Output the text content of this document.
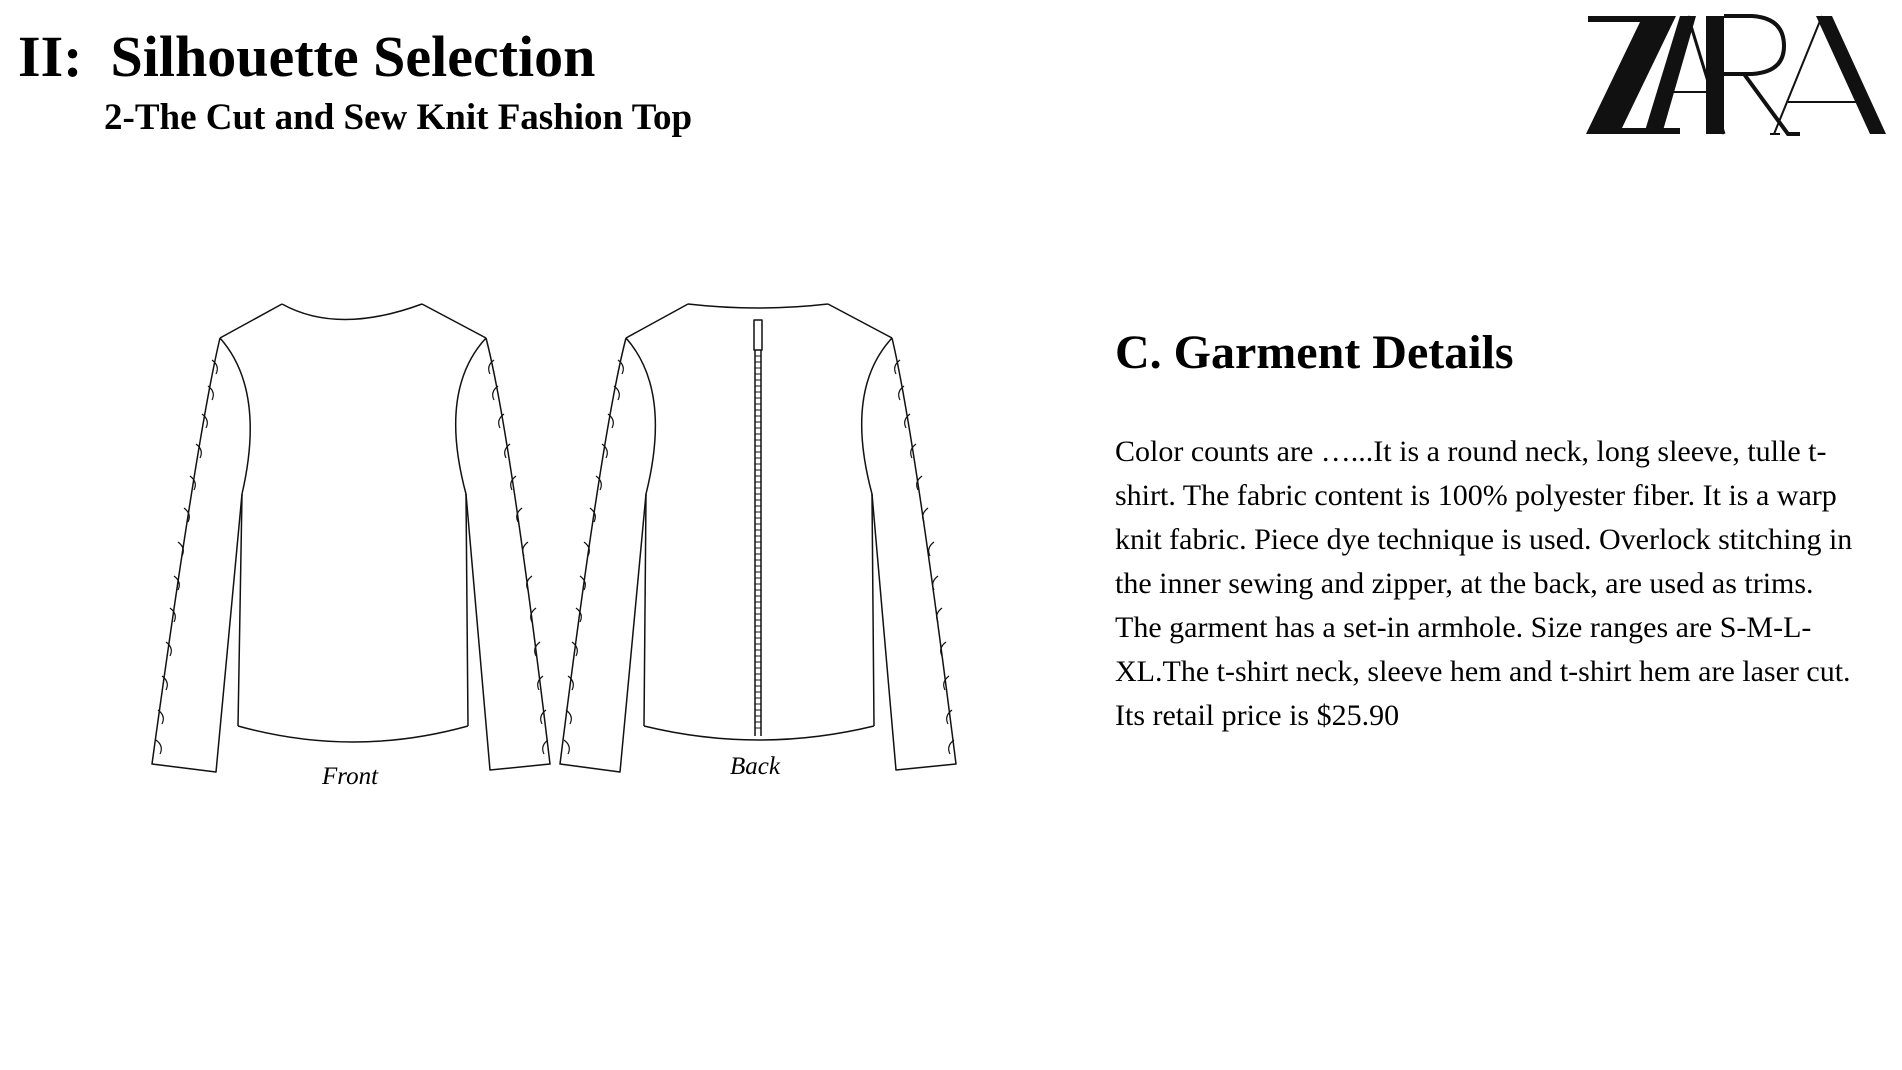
II: Silhouette Selection
2-The Cut and Sew Knit Fashion Top
Front	Back
C. Garment Details
Color counts are …...It is a round neck, long sleeve, tulle t-shirt. The fabric content is 100% polyester fiber. It is a warp knit fabric. Piece dye technique is used. Overlock stitching in the inner sewing and zipper, at the back, are used as trims. The garment has a set-in armhole. Size ranges are S-M-L-XL.The t-shirt neck, sleeve hem and t-shirt hem are laser cut. Its retail price is $25.90
